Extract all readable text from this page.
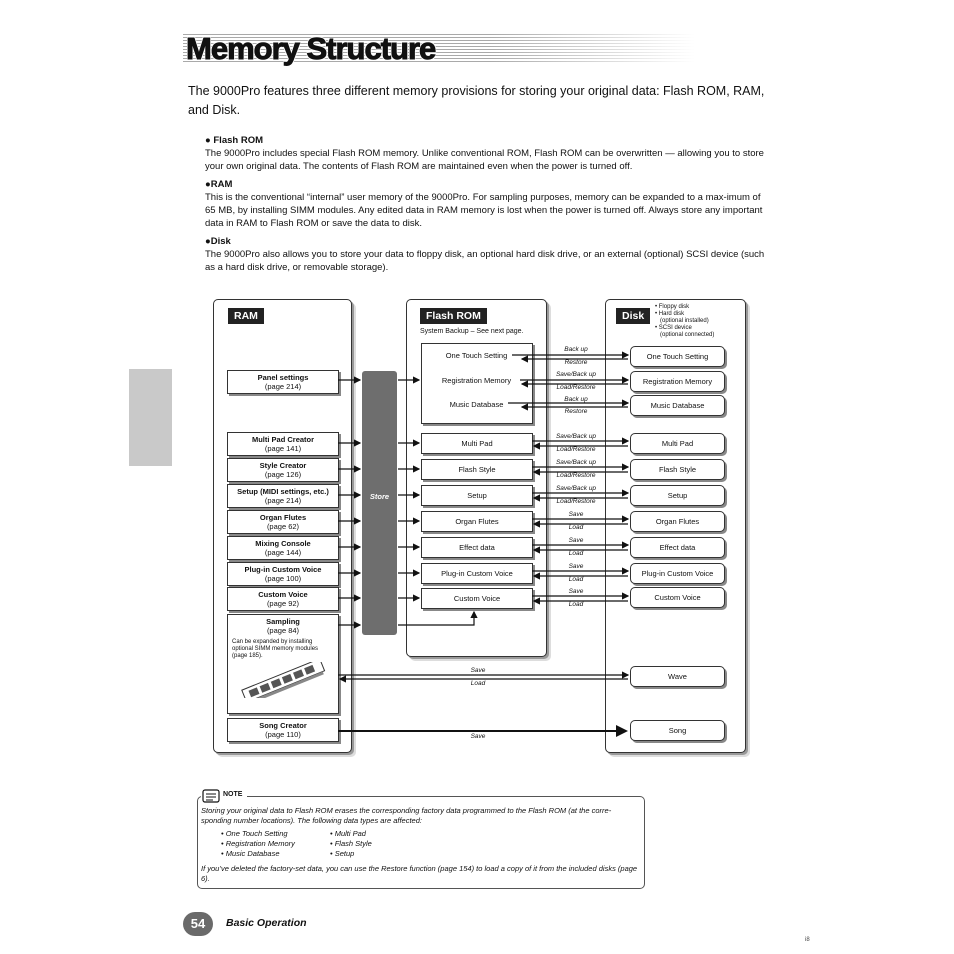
Memory Structure
The 9000Pro features three different memory provisions for storing your original data: Flash ROM, RAM, and Disk.
● Flash ROM
The 9000Pro includes special Flash ROM memory. Unlike conventional ROM, Flash ROM can be overwritten — allowing you to store your own original data. The contents of Flash ROM are maintained even when the power is turned off.
●RAM
This is the conventional “internal” user memory of the 9000Pro. For sampling purposes, memory can be expanded to a max-imum of 65 MB, by installing SIMM modules. Any edited data in RAM memory is lost when the power is turned off. Always store any important data in RAM to Flash ROM or save the data to disk.
●Disk
The 9000Pro also allows you to store your data to floppy disk, an optional hard disk drive, or an external (optional) SCSI device (such as a hard disk drive, or removable storage).
RAM	Flash ROM	Disk
• Floppy disk
• Hard disk
(optional installed)
• SCSI device
(optional connected)
Panel settings
(page 214)
Multi Pad Creator
(page 141)
Style Creator
(page 126)
Setup (MIDI settings, etc.)
(page 214)
Organ Flutes
(page 62)
Mixing Console
(page 144)
Plug-in Custom Voice
(page 100)
Custom Voice
(page 92)
Sampling
(page 84)
Can be expanded by installing optional SIMM memory modules (page 185).
Song Creator
(page 110)
Store
System Backup – See next page.
One Touch Setting
Registration Memory
Music Database
Multi Pad
Flash Style
Setup
Organ Flutes
Effect data
Plug-in Custom Voice
Custom Voice
One Touch Setting
Registration Memory
Music Database
Multi Pad
Flash Style
Setup
Organ Flutes
Effect data
Plug-in Custom Voice
Custom Voice
Wave
Song
Back up
Restore
Save/Back up
Load/Restore
Back up
Restore
Save/Back up
Load/Restore
Save/Back up
Load/Restore
Save/Back up
Load/Restore
Save
Load
Save
Load
Save
Load
Save
Load
Save
Load
Save
NOTE
Storing your original data to Flash ROM erases the corresponding factory data programmed to the Flash ROM (at the corre-sponding number locations). The following data types are affected:
• One Touch Setting
• Registration Memory
• Music Database
• Multi Pad
• Flash Style
• Setup
If you’ve deleted the factory-set data, you can use the Restore function (page 154) to load a copy of it from the included disks (page 6).
54	Basic Operation
i8
